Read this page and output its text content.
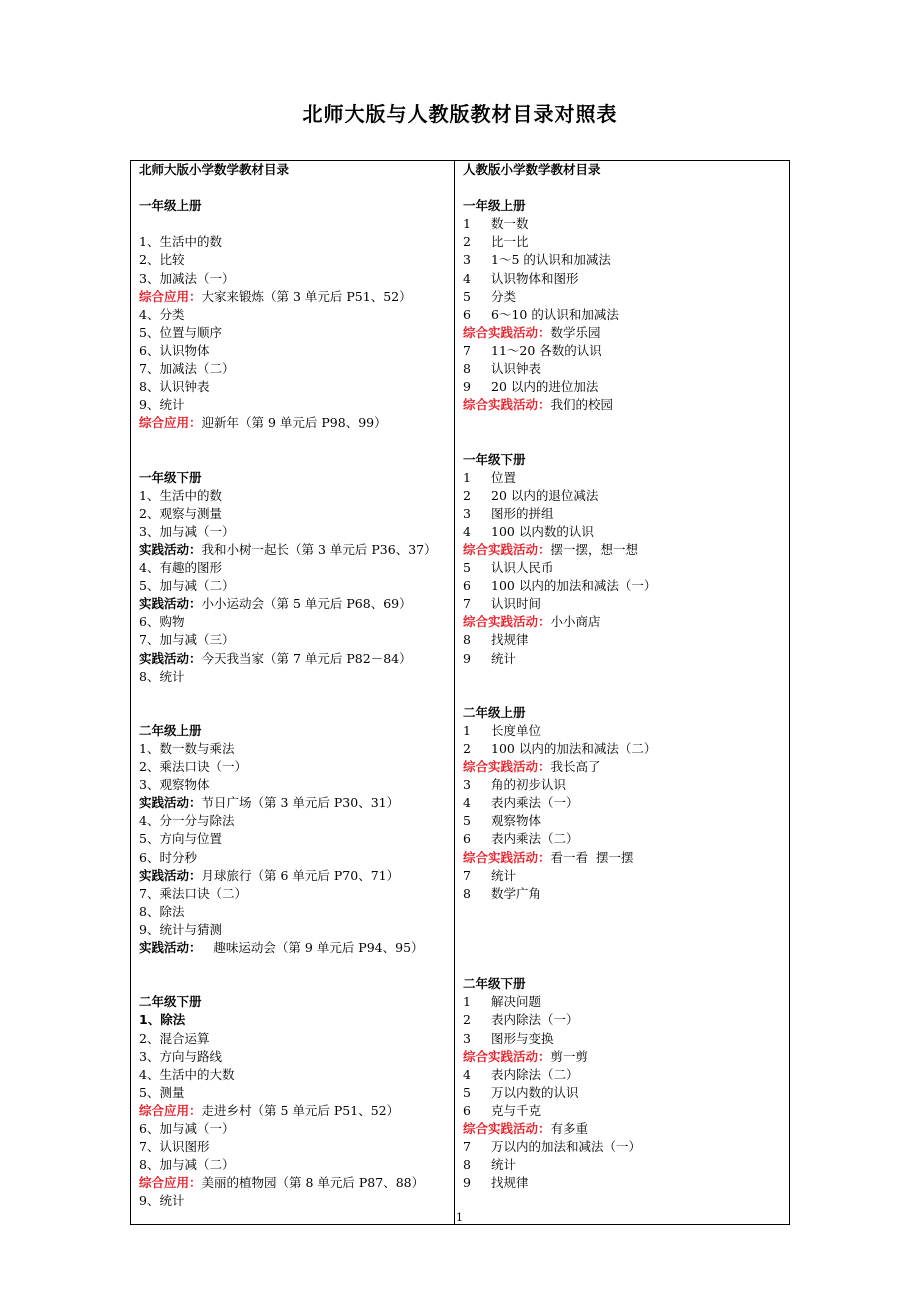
北师大版与人教版教材目录对照表
北师大版小学数学教材目录
一年级上册
1、生活中的数
2、比较
3、加减法（一）
综合应用：大家来锻炼（第 3 单元后 P51、52）
4、分类
5、位置与顺序
6、认识物体
7、加减法（二）
8、认识钟表
9、统计
综合应用：迎新年（第 9 单元后 P98、99）
一年级下册
1、生活中的数
2、观察与测量
3、加与减（一）
实践活动：我和小树一起长（第 3 单元后 P36、37）
4、有趣的图形
5、加与减（二）
实践活动：小小运动会（第 5 单元后 P68、69）
6、购物
7、加与减（三）
实践活动：今天我当家（第 7 单元后 P82－84）
8、统计
二年级上册
1、数一数与乘法
2、乘法口诀（一）
3、观察物体
实践活动：节日广场（第 3 单元后 P30、31）
4、分一分与除法
5、方向与位置
6、时分秒
实践活动：月球旅行（第 6 单元后 P70、71）
7、乘法口诀（二）
8、除法
9、统计与猜测
实践活动：   趣味运动会（第 9 单元后 P94、95）
二年级下册
1、除法
2、混合运算
3、方向与路线
4、生活中的大数
5、测量
综合应用：走进乡村（第 5 单元后 P51、52）
6、加与减（一）
7、认识图形
8、加与减（二）
综合应用：美丽的植物园（第 8 单元后 P87、88）
9、统计
人教版小学数学教材目录
一年级上册
1 数一数
2 比一比
3 1～5 的认识和加减法
4 认识物体和图形
5 分类
6 6～10 的认识和加减法
综合实践活动：数学乐园
7 11～20 各数的认识
8 认识钟表
9 20 以内的进位加法
综合实践活动：我们的校园
一年级下册
1 位置
2 20 以内的退位减法
3 图形的拼组
4 100 以内数的认识
综合实践活动：摆一摆，想一想
5 认识人民币
6 100 以内的加法和减法（一）
7 认识时间
综合实践活动：小小商店
8 找规律
9 统计
二年级上册
1 长度单位
2 100 以内的加法和减法（二）
综合实践活动：我长高了
3 角的初步认识
4 表内乘法（一）
5 观察物体
6 表内乘法（二）
综合实践活动：看一看  摆一摆
7 统计
8 数学广角
二年级下册
1 解决问题
2 表内除法（一）
3 图形与变换
综合实践活动：剪一剪
4 表内除法（二）
5 万以内数的认识
6 克与千克
综合实践活动：有多重
7 万以内的加法和减法（一）
8 统计
9 找规律
1
